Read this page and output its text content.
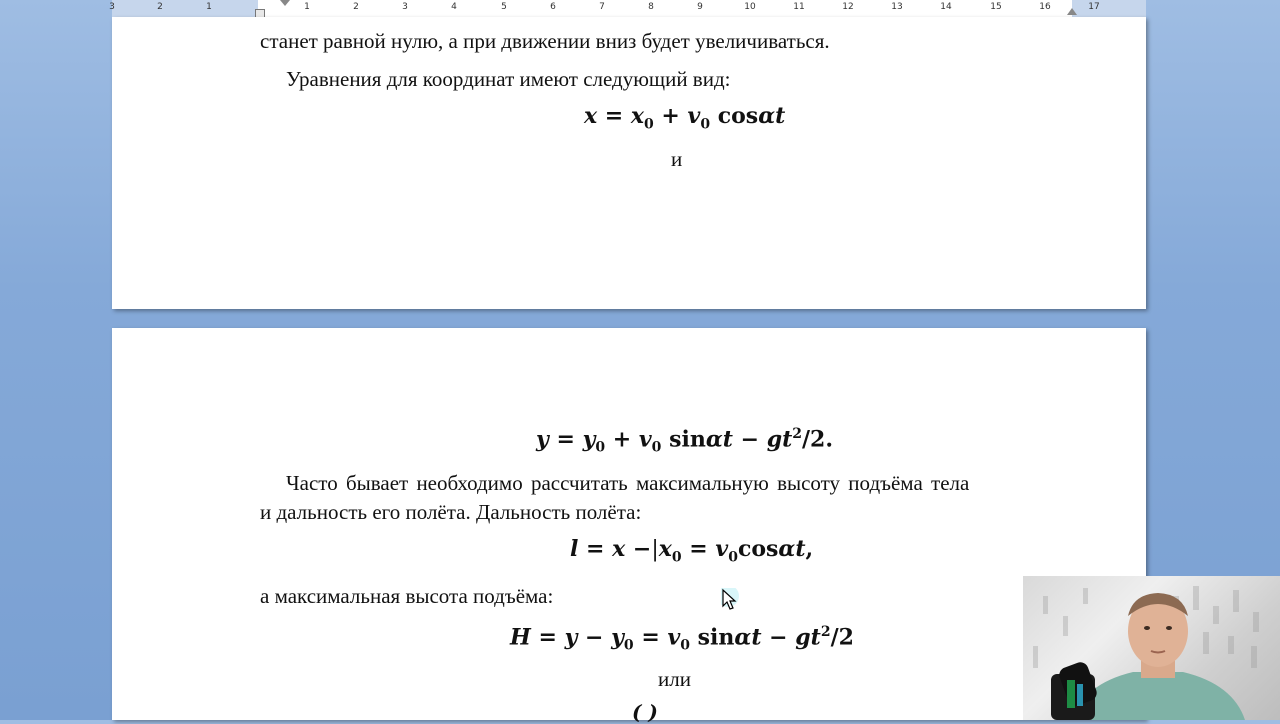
3	2	1	1	2	3	4	5	6	7	8	9	10	11	12	13	14	15	16	17
станет равной нулю, а при движении вниз будет увеличиваться.
Уравнения для координат имеют следующий вид:
$x = x_0 + v_0$ cosαt
и
$y = y_0 + v_0$ $\sin\alpha t - gt^2/2$.
Часто бывает необходимо рассчитать максимальную высоту подъёма тела
и дальность его полёта. Дальность полёта:
$l = x -|x_0 = v_0\cos\alpha t$,
а максимальная высота подъёма:
$H = y - y_0 = v_0$ $\sin\alpha t - gt^2/2$
или
( )
